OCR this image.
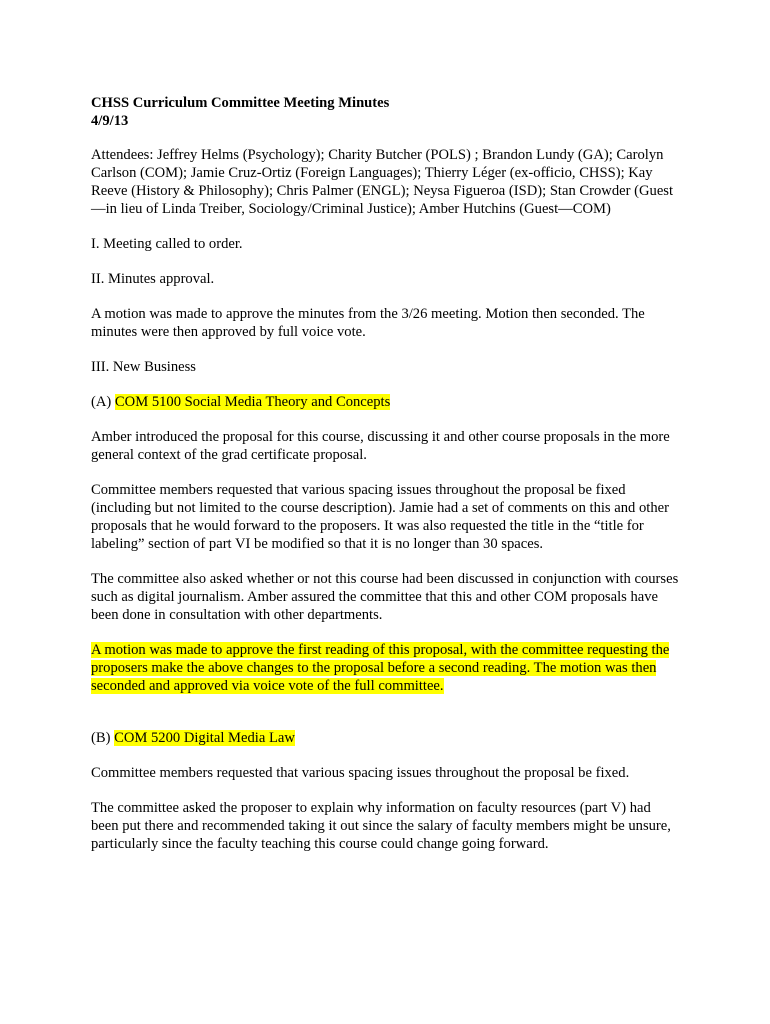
CHSS Curriculum Committee Meeting Minutes
4/9/13

Attendees: Jeffrey Helms (Psychology); Charity Butcher (POLS) ; Brandon Lundy (GA); Carolyn Carlson (COM); Jamie Cruz-Ortiz (Foreign Languages); Thierry Léger (ex-officio, CHSS); Kay Reeve (History & Philosophy); Chris Palmer (ENGL); Neysa Figueroa (ISD); Stan Crowder (Guest—in lieu of Linda Treiber, Sociology/Criminal Justice); Amber Hutchins (Guest—COM)

I. Meeting called to order.

II. Minutes approval.

A motion was made to approve the minutes from the 3/26 meeting. Motion then seconded. The minutes were then approved by full voice vote.

III. New Business

(A) COM 5100 Social Media Theory and Concepts

Amber introduced the proposal for this course, discussing it and other course proposals in the more general context of the grad certificate proposal.

Committee members requested that various spacing issues throughout the proposal be fixed (including but not limited to the course description). Jamie had a set of comments on this and other proposals that he would forward to the proposers. It was also requested the title in the “title for labeling” section of part VI be modified so that it is no longer than 30 spaces.

The committee also asked whether or not this course had been discussed in conjunction with courses such as digital journalism. Amber assured the committee that this and other COM proposals have been done in consultation with other departments.

A motion was made to approve the first reading of this proposal, with the committee requesting the proposers make the above changes to the proposal before a second reading. The motion was then seconded and approved via voice vote of the full committee.

(B) COM 5200 Digital Media Law

Committee members requested that various spacing issues throughout the proposal be fixed.

The committee asked the proposer to explain why information on faculty resources (part V) had been put there and recommended taking it out since the salary of faculty members might be unsure, particularly since the faculty teaching this course could change going forward.
